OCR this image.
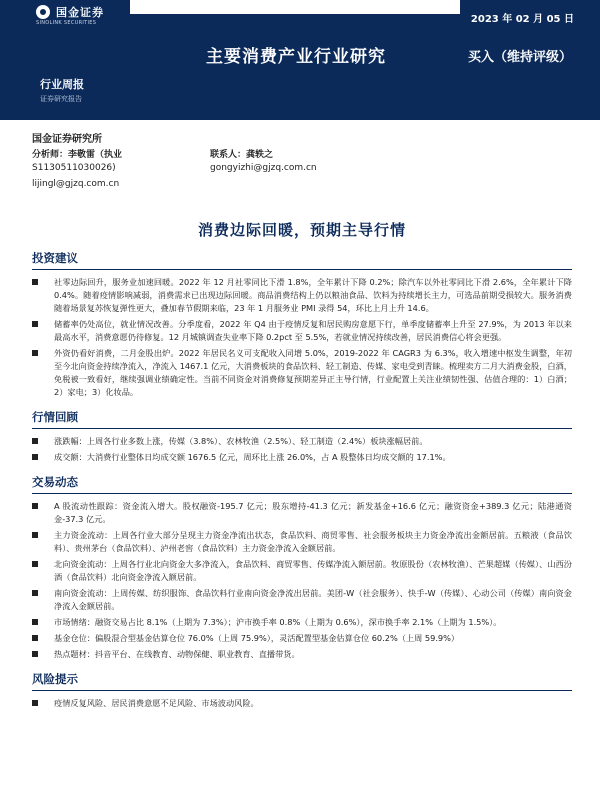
国金证券
SINOLINK SECURITIES	2023 年 02 月 05 日
主要消费产业行业研究	买入（维持评级）
行业周报
证券研究报告
国金证券研究所
分析师：李敬雷（执业
S1130511030026)
lijingl@gjzq.com.cn
联系人：龚轶之
gongyizhi@gjzq.com.cn
消费边际回暖，预期主导行情
投资建议
社零边际回升，服务业加速回暖。2022 年 12 月社零同比下滑 1.8%，全年累计下降 0.2%；除汽车以外社零同比下滑 2.6%，全年累计下降 0.4%。随着疫情影响减弱，消费需求已出现边际回暖。商品消费结构上仍以粮油食品、饮料为持续增长主力，可选品前期受损较大。服务消费随着场景复苏恢复弹性更大，叠加春节假期来临，23 年 1 月服务业 PMI 录得 54，环比上月上升 14.6。
储蓄率仍处高位，就业情况改善。分季度看，2022 年 Q4 由于疫情反复和居民购房意愿下行，单季度储蓄率上升至 27.9%，为 2013 年以来最高水平，消费意愿仍待修复。12 月城镇调查失业率下降 0.2pct 至 5.5%，若就业情况持续改善，居民消费信心将会更强。
外资仍看好消费，二月金股出炉。2022 年居民名义可支配收入同增 5.0%，2019-2022 年 CAGR3 为 6.3%，收入增速中枢发生调整，年初至今北向资金持续净流入，净流入 1467.1 亿元，大消费板块的食品饮料、轻工制造、传媒、家电受到青睐。梳理卖方二月大消费金股，白酒，免税被一致看好，继续强调业绩确定性。当前不同资金对消费修复预期差异正主导行情，行业配置上关注业绩韧性强、估值合理的：1）白酒；2）家电；3）化妆品。
行情回顾
涨跌幅：上周各行业多数上涨，传媒（3.8%）、农林牧渔（2.5%）、轻工制造（2.4%）板块涨幅居前。
成交额：大消费行业整体日均成交额 1676.5 亿元，周环比上涨 26.0%，占 A 股整体日均成交额的 17.1%。
交易动态
A 股流动性跟踪：资金流入增大。股权融资-195.7 亿元；股东增持-41.3 亿元；新发基金+16.6 亿元；融资资金+389.3 亿元；陆港通资金-37.3 亿元。
主力资金流动：上周各行业大部分呈现主力资金净流出状态，食品饮料、商贸零售、社会服务板块主力资金净流出金额居前。五粮液（食品饮料）、贵州茅台（食品饮料）、泸州老窖（食品饮料）主力资金净流入金额居前。
北向资金流动：上周各行业北向资金大多净流入，食品饮料、商贸零售、传媒净流入额居前。牧原股份（农林牧渔）、芒果超媒（传媒）、山西汾酒（食品饮料）北向资金净流入额居前。
南向资金流动：上周传媒、纺织服饰、食品饮料行业南向资金净流出居前。美团-W（社会服务）、快手-W（传媒）、心动公司（传媒）南向资金净流入金额居前。
市场情绪：融资交易占比 8.1%（上期为 7.3%）；沪市换手率 0.8%（上期为 0.6%），深市换手率 2.1%（上期为 1.5%）。
基金仓位：偏股混合型基金估算仓位 76.0%（上周 75.9%），灵活配置型基金估算仓位 60.2%（上周 59.9%）
热点题材：抖音平台、在线教育、动物保健、职业教育、直播带货。
风险提示
疫情反复风险、居民消费意愿不足风险、市场波动风险。
